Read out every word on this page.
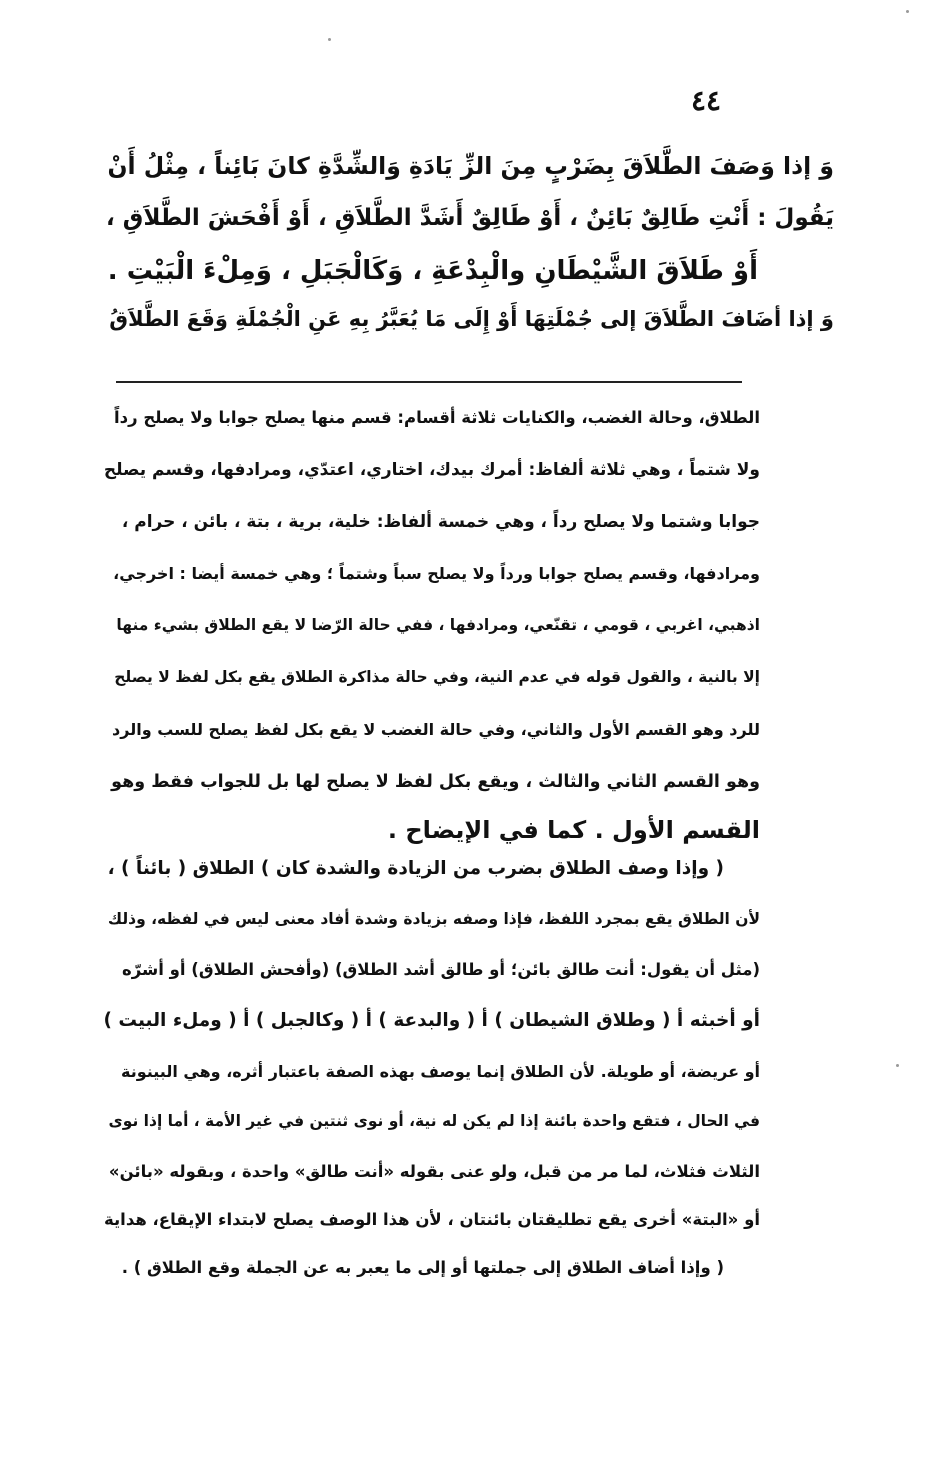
٤٤
وَ إذا وَصَفَ الطَّلاَقَ بِضَرْبٍ مِنَ الزِّ يَادَةِ وَالشِّدَّةِ كانَ بَائِناً ، مِثْلُ أَنْ
يَقُولَ : أَنْتِ طَالِقٌ بَائِنٌ ، أَوْ طَالِقٌ أَشَدَّ الطَّلاَقِ ، أَوْ أَفْحَشَ الطَّلاَقِ ،
أَوْ طَلاَقَ الشَّيْطَانِ والْبِدْعَةِ ، وَكَالْجَبَلِ ، وَمِلْءَ الْبَيْتِ .
وَ إذا أضَافَ الطَّلاَقَ إلى جُمْلَتِهَا أَوْ إِلَى مَا يُعَبَّرُ بِهِ عَنِ الْجُمْلَةِ وَقَعَ الطَّلاَقُ
الطلاق، وحالة الغضب، والكنايات ثلاثة أقسام: قسم منها يصلح جوابا ولا يصلح رداً
ولا شتماً ، وهي ثلاثة ألفاظ: أمرك بيدك، اختاري، اعتدّي، ومرادفها، وقسم يصلح
جوابا وشتما ولا يصلح رداً ، وهي خمسة ألفاظ: خلية، برية ، بتة ، بائن ، حرام ،
ومرادفها، وقسم يصلح جوابا ورداً ولا يصلح سباً وشتماً ؛ وهي خمسة أيضا : اخرجي،
اذهبي، اغربي ، قومي ، تقنّعي، ومرادفها ، ففي حالة الرّضا لا يقع الطلاق بشيء منها
إلا بالنية ، والقول قوله في عدم النية، وفي حالة مذاكرة الطلاق يقع بكل لفظ لا يصلح
للرد وهو القسم الأول والثاني، وفي حالة الغضب لا يقع بكل لفظ يصلح للسب والرد
وهو القسم الثاني والثالث ، ويقع بكل لفظ لا يصلح لها بل للجواب فقط وهو
القسم الأول . كما في الإيضاح .
( وإذا وصف الطلاق بضرب من الزيادة والشدة كان ) الطلاق ( بائناً ) ،
لأن الطلاق يقع بمجرد اللفظ، فإذا وصفه بزيادة وشدة أفاد معنى ليس في لفظه، وذلك
(مثل أن يقول: أنت طالق بائن؛ أو طالق أشد الطلاق) (وأفحش الطلاق) أو أشرّه
أو أخبثه أ ( وطلاق الشيطان ) أ ( والبدعة ) أ ( وكالجبل ) أ ( وملء البيت )
أو عريضة، أو طويلة. لأن الطلاق إنما يوصف بهذه الصفة باعتبار أثره، وهي البينونة
في الحال ، فتقع واحدة بائنة إذا لم يكن له نية، أو نوى ثنتين في غير الأمة ، أما إذا نوى
الثلاث فثلاث، لما مر من قبل، ولو عنى بقوله «أنت طالق» واحدة ، وبقوله «بائن»
أو «البتة» أخرى يقع تطليقتان بائنتان ، لأن هذا الوصف يصلح لابتداء الإيقاع، هداية
( وإذا أضاف الطلاق إلى جملتها أو إلى ما يعبر به عن الجملة وقع الطلاق ) .
